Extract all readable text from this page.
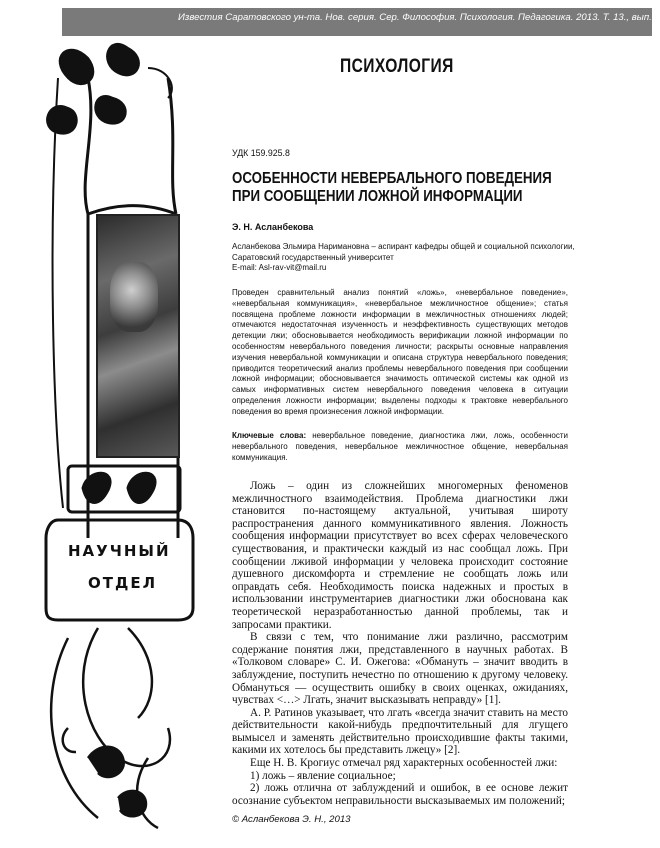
Известия Саратовского ун-та. Нов. серия. Сер. Философия. Психология. Педагогика. 2013. Т. 13., вып. 4
НАУЧНЫЙ
ОТДЕЛ
ПСИХОЛОГИЯ
УДК 159.925.8
ОСОБЕННОСТИ НЕВЕРБАЛЬНОГО ПОВЕДЕНИЯ
ПРИ СООБЩЕНИИ ЛОЖНОЙ ИНФОРМАЦИИ
Э. Н. Асланбекова
Асланбекова Эльмира Наримановна – аспирант кафедры общей и социальной психологии,
Саратовский государственный университет
E-mail: Asl-rav-vit@mail.ru
Проведен сравнительный анализ понятий «ложь», «невербальное поведение», «невербальная коммуникация», «невербальное межличностное общение»; статья посвящена проблеме ложности информации в межличностных отношениях людей; отмечаются недостаточная изученность и неэффективность существующих методов детекции лжи; обосновывается необходимость верификации ложной информации по особенностям невербального поведения личности; раскрыты основные направления изучения невербальной коммуникации и описана структура невербального поведения; приводится теоретический анализ проблемы невербального поведения при сообщении ложной информации; обосновывается значимость оптической системы как одной из самых информативных систем невербального поведения человека в ситуации определения ложности информации; выделены подходы к трактовке невербального поведения во время произнесения ложной информации.
Ключевые слова: невербальное поведение, диагностика лжи, ложь, особенности невербального поведения, невербальное межличностное общение, невербальная коммуникация.

Ложь – один из сложнейших многомерных феноменов межличностного взаимодействия. Проблема диагностики лжи становится по-настоящему актуальной, учитывая широту распространения данного коммуникативного явления. Ложность сообщения информации присутствует во всех сферах человеческого существования, и практически каждый из нас сообщал ложь. При сообщении лживой информации у человека происходит состояние душевного дискомфорта и стремление не сообщать ложь или оправдать себя. Необходимость поиска надежных и простых в использовании инструментариев диагностики лжи обоснована как теоретической неразработанностью данной проблемы, так и запросами практики.

В связи с тем, что понимание лжи различно, рассмотрим содержание понятия лжи, представленного в научных работах. В «Толковом словаре» С. И. Ожегова: «Обмануть – значит вводить в заблуждение, поступить нечестно по отношению к другому человеку. Обмануться — осуществить ошибку в своих оценках, ожиданиях, чувствах <…> Лгать, значит высказывать неправду» [1].

А. Р. Ратинов указывает, что лгать «всегда значит ставить на место действительности какой-нибудь предпочтительный для лгущего вымысел и заменять действительно происходившие факты такими, какими их хотелось бы представить лжецу» [2].

Еще Н. В. Крогиус отмечал ряд характерных особенностей лжи:

1) ложь – явление социальное;

2) ложь отлична от заблуждений и ошибок, в ее основе лежит осознание субъектом неправильности высказываемых им положений;

© Асланбекова Э. Н., 2013
